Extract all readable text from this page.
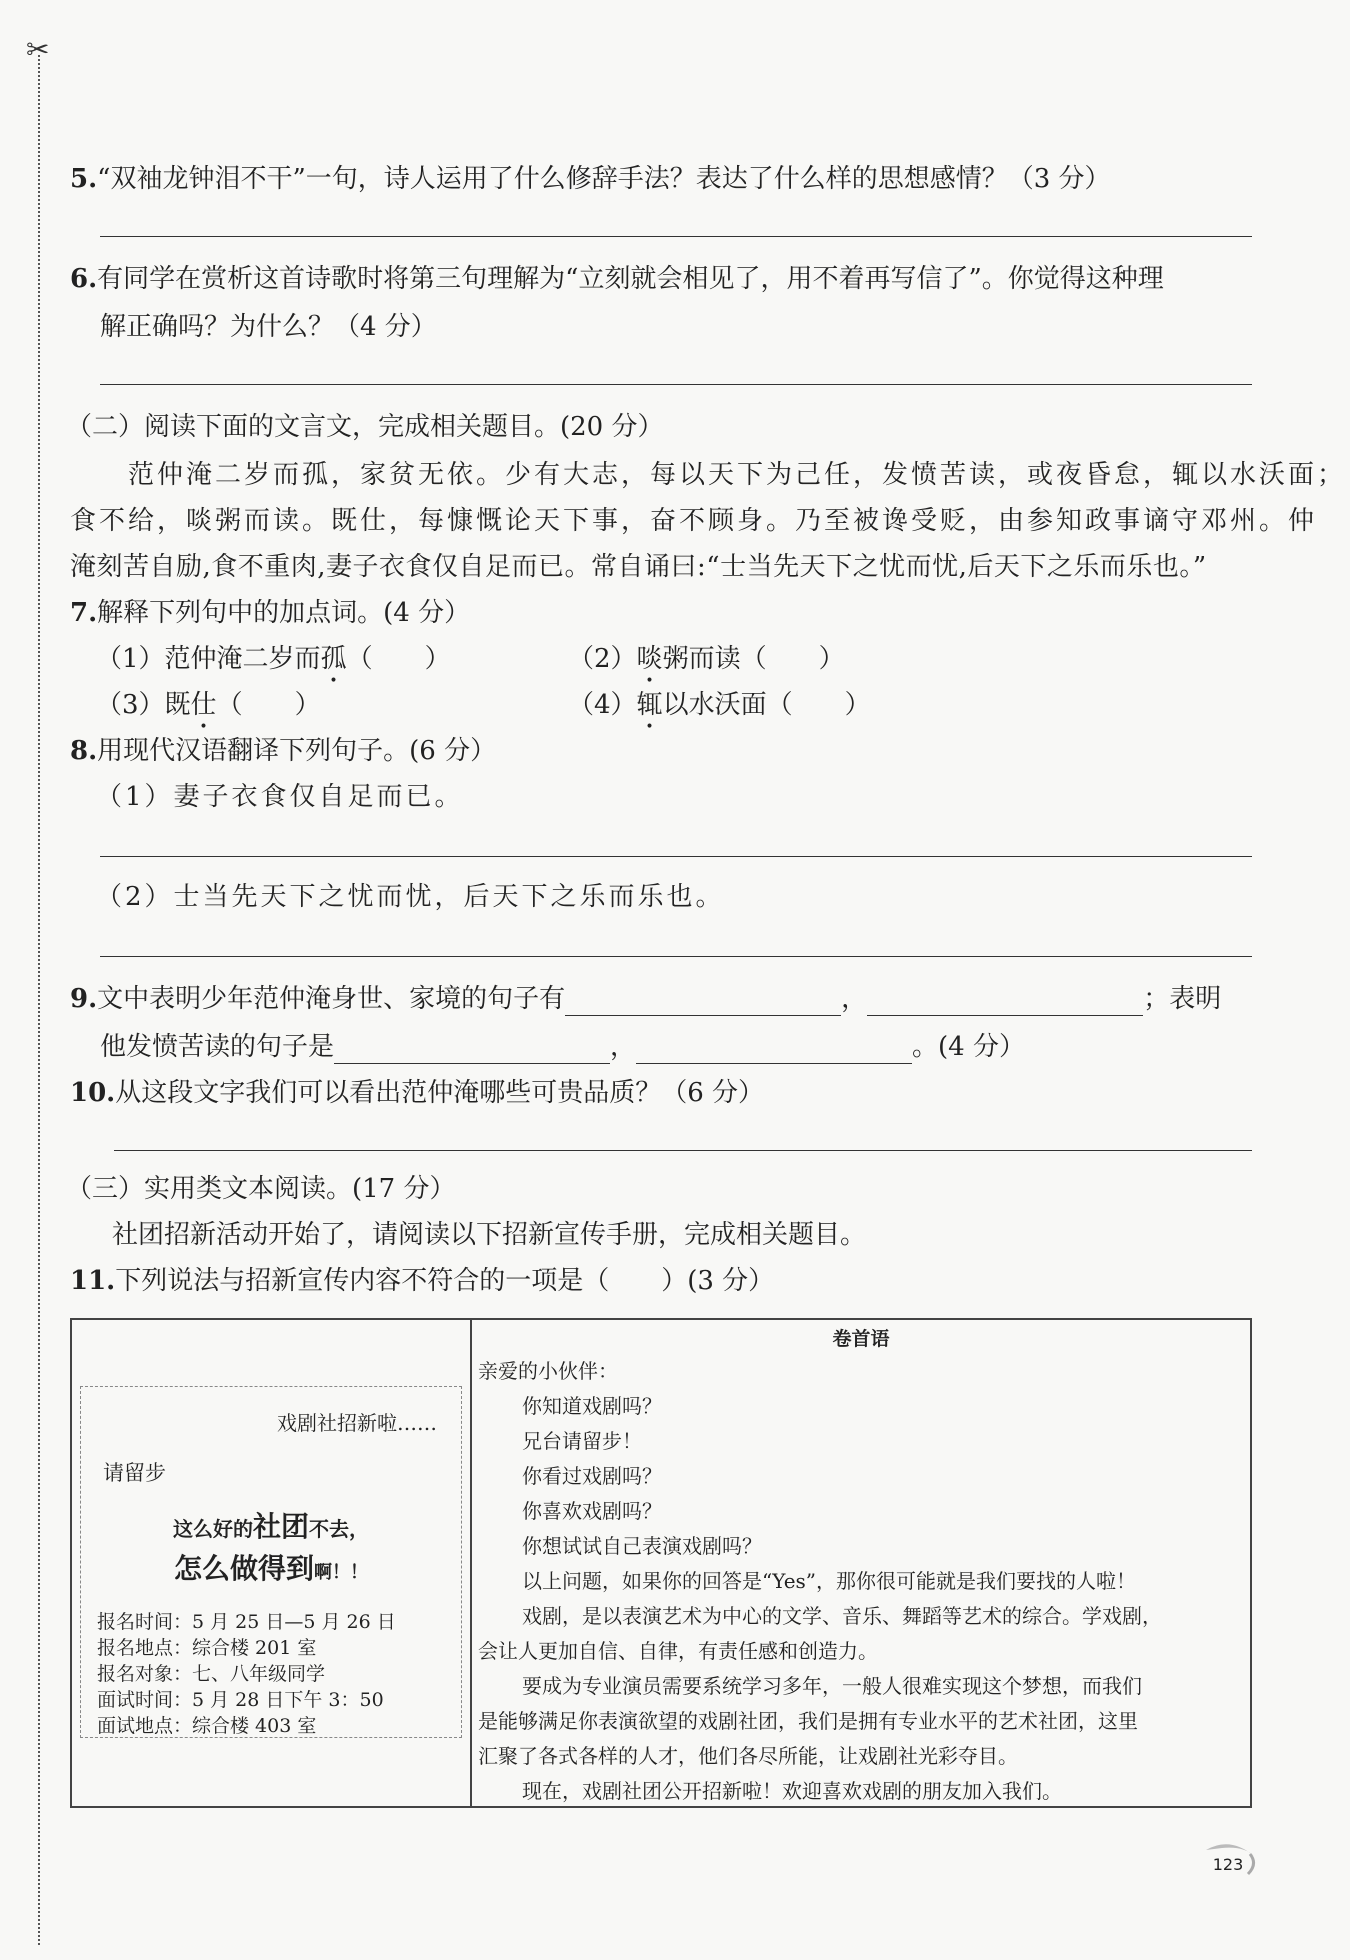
✂
5.“双袖龙钟泪不干”一句，诗人运用了什么修辞手法？表达了什么样的思想感情？（3 分）
6.有同学在赏析这首诗歌时将第三句理解为“立刻就会相见了，用不着再写信了”。你觉得这种理
解正确吗？为什么？（4 分）
（二）阅读下面的文言文，完成相关题目。(20 分）
范仲淹二岁而孤，家贫无依。少有大志，每以天下为己任，发愤苦读，或夜昏怠，辄以水沃面；
食不给，啖粥而读。既仕，每慷慨论天下事，奋不顾身。乃至被谗受贬，由参知政事谪守邓州。仲
淹刻苦自励,食不重肉,妻子衣食仅自足而已。常自诵曰:“士当先天下之忧而忧,后天下之乐而乐也。”
7.解释下列句中的加点词。(4 分）
（1）范仲淹二岁而孤（　　）	（2）啖粥而读（　　）
（3）既仕（　　）	（4）辄以水沃面（　　）
8.用现代汉语翻译下列句子。(6 分）
（1）妻子衣食仅自足而已。
（2）士当先天下之忧而忧，后天下之乐而乐也。
9.文中表明少年范仲淹身世、家境的句子有	，	；表明
他发愤苦读的句子是	，	。(4 分）
10.从这段文字我们可以看出范仲淹哪些可贵品质？（6 分）
（三）实用类文本阅读。(17 分）
社团招新活动开始了，请阅读以下招新宣传手册，完成相关题目。
11.下列说法与招新宣传内容不符合的一项是（　　）(3 分）
戏剧社招新啦……
请留步
这么好的社团不去，
怎么做得到啊！！
报名时间：5 月 25 日—5 月 26 日
报名地点：综合楼 201 室
报名对象：七、八年级同学
面试时间：5 月 28 日下午 3：50
面试地点：综合楼 403 室
卷首语
亲爱的小伙伴：
你知道戏剧吗？
兄台请留步！
你看过戏剧吗？
你喜欢戏剧吗？
你想试试自己表演戏剧吗？
以上问题，如果你的回答是“Yes”，那你很可能就是我们要找的人啦！
戏剧，是以表演艺术为中心的文学、音乐、舞蹈等艺术的综合。学戏剧，
会让人更加自信、自律，有责任感和创造力。
要成为专业演员需要系统学习多年，一般人很难实现这个梦想，而我们
是能够满足你表演欲望的戏剧社团，我们是拥有专业水平的艺术社团，这里
汇聚了各式各样的人才，他们各尽所能，让戏剧社光彩夺目。
现在，戏剧社团公开招新啦！欢迎喜欢戏剧的朋友加入我们。
123
